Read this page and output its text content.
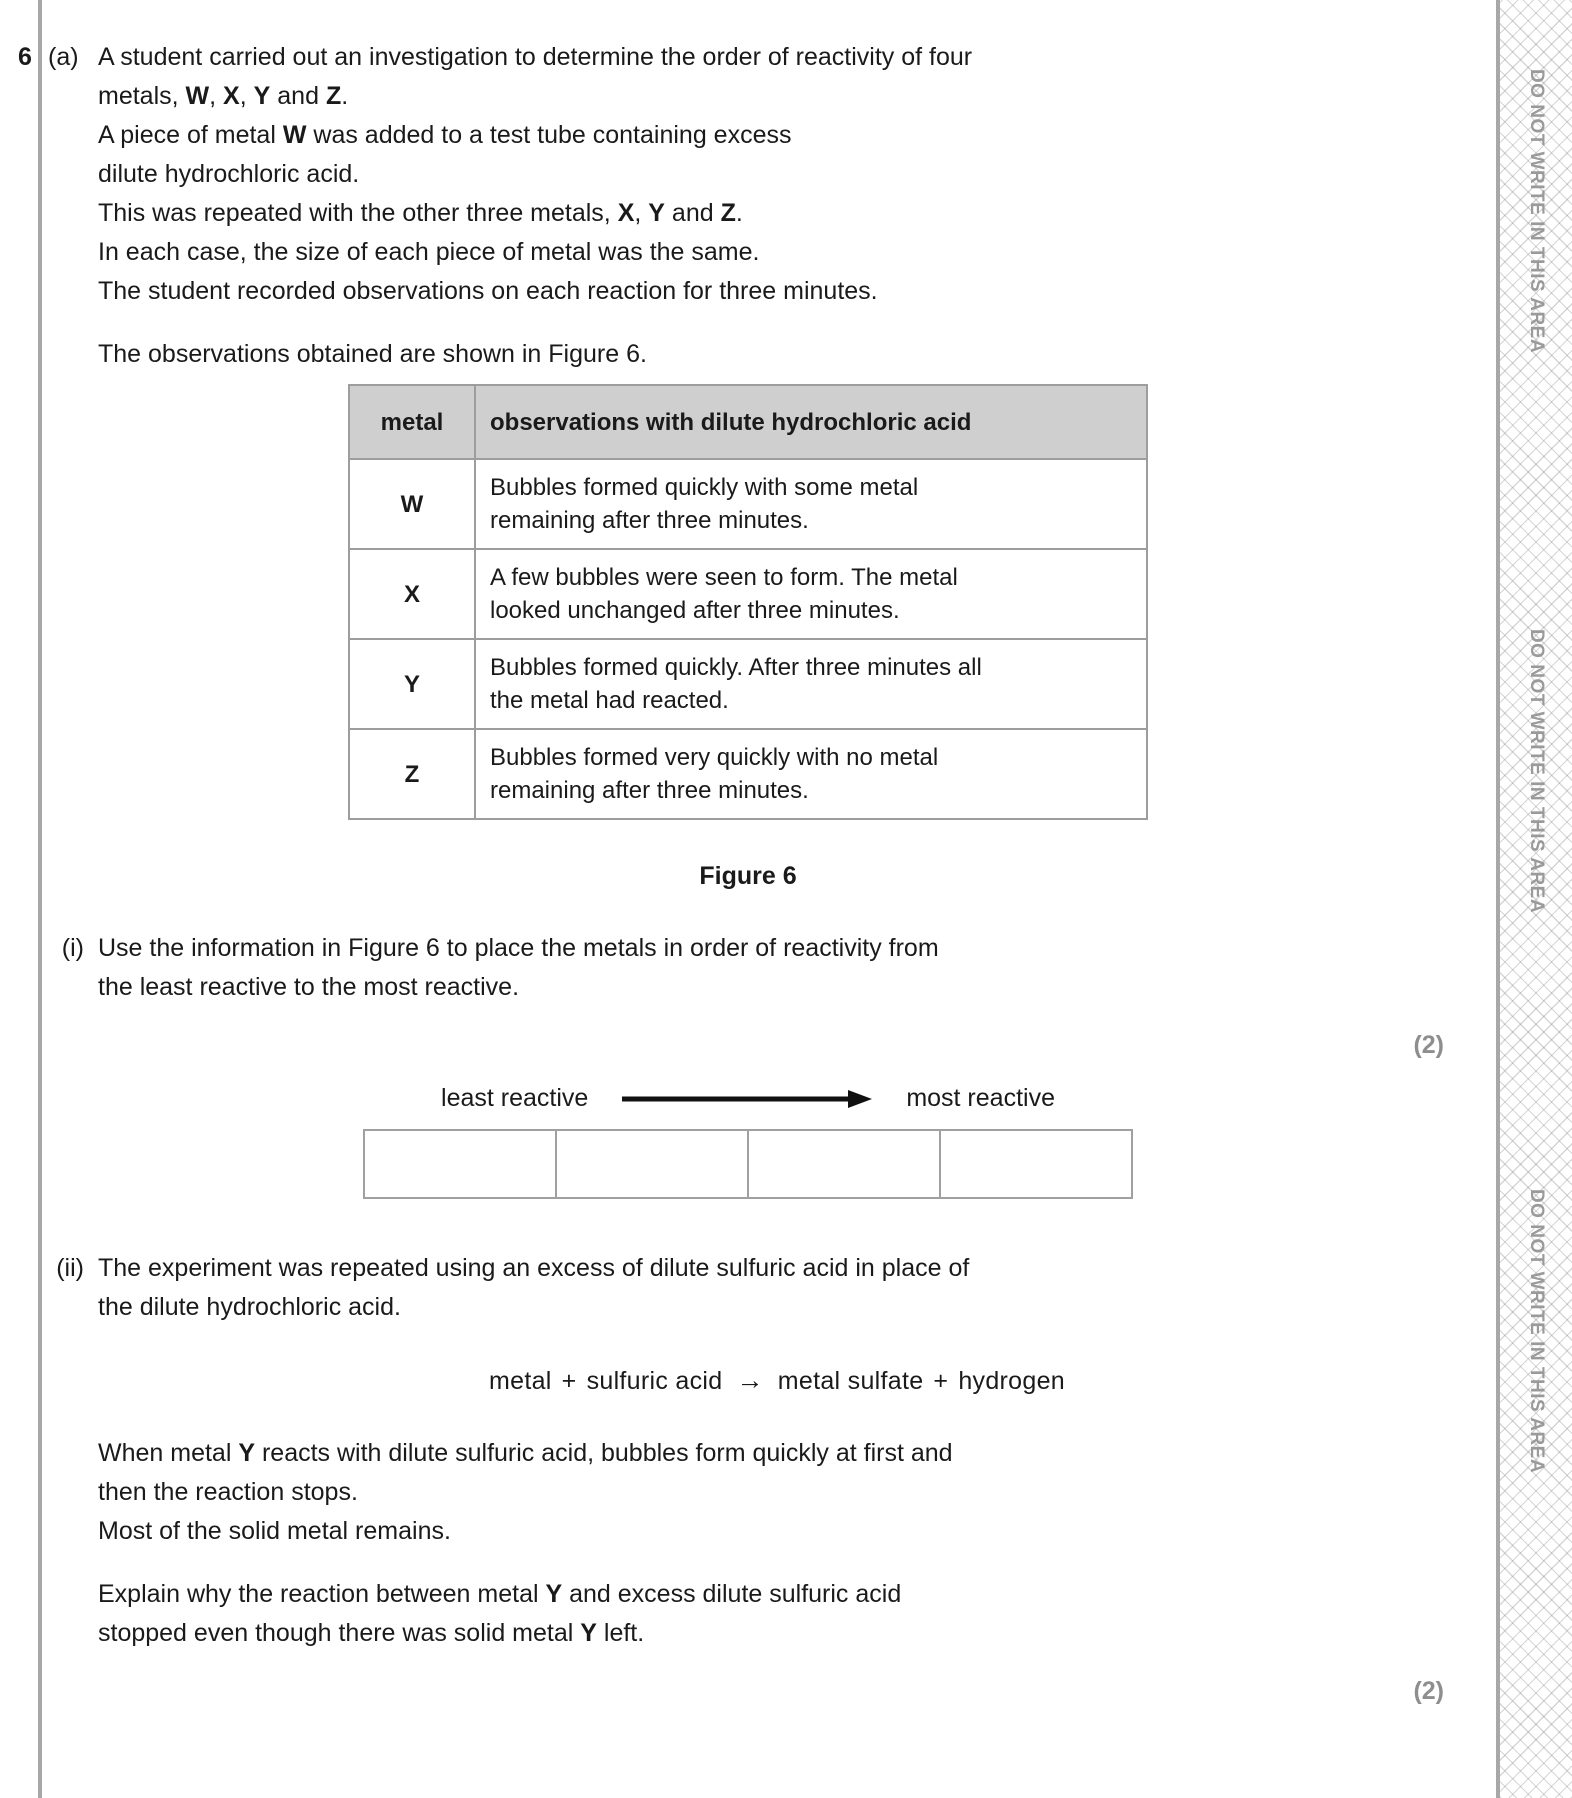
DO NOT WRITE IN THIS AREA
DO NOT WRITE IN THIS AREA
DO NOT WRITE IN THIS AREA
6 (a) A student carried out an investigation to determine the order of reactivity of four
metals, W, X, Y and Z.
A piece of metal W was added to a test tube containing excess
dilute hydrochloric acid.
This was repeated with the other three metals, X, Y and Z.
In each case, the size of each piece of metal was the same.
The student recorded observations on each reaction for three minutes.
The observations obtained are shown in Figure 6.
metal	observations with dilute hydrochloric acid
W	Bubbles formed quickly with some metal
remaining after three minutes.

X	A few bubbles were seen to form. The metal
looked unchanged after three minutes.

Y	Bubbles formed quickly. After three minutes all
the metal had reacted.

Z	Bubbles formed very quickly with no metal
remaining after three minutes.
Figure 6
(i) Use the information in Figure 6 to place the metals in order of reactivity from
the least reactive to the most reactive.
(2)
least reactive	most reactive
(ii) The experiment was repeated using an excess of dilute sulfuric acid in place of
the dilute hydrochloric acid.
metal + sulfuric acid → metal sulfate + hydrogen
When metal Y reacts with dilute sulfuric acid, bubbles form quickly at first and
then the reaction stops.
Most of the solid metal remains.
Explain why the reaction between metal Y and excess dilute sulfuric acid
stopped even though there was solid metal Y left.
(2)
